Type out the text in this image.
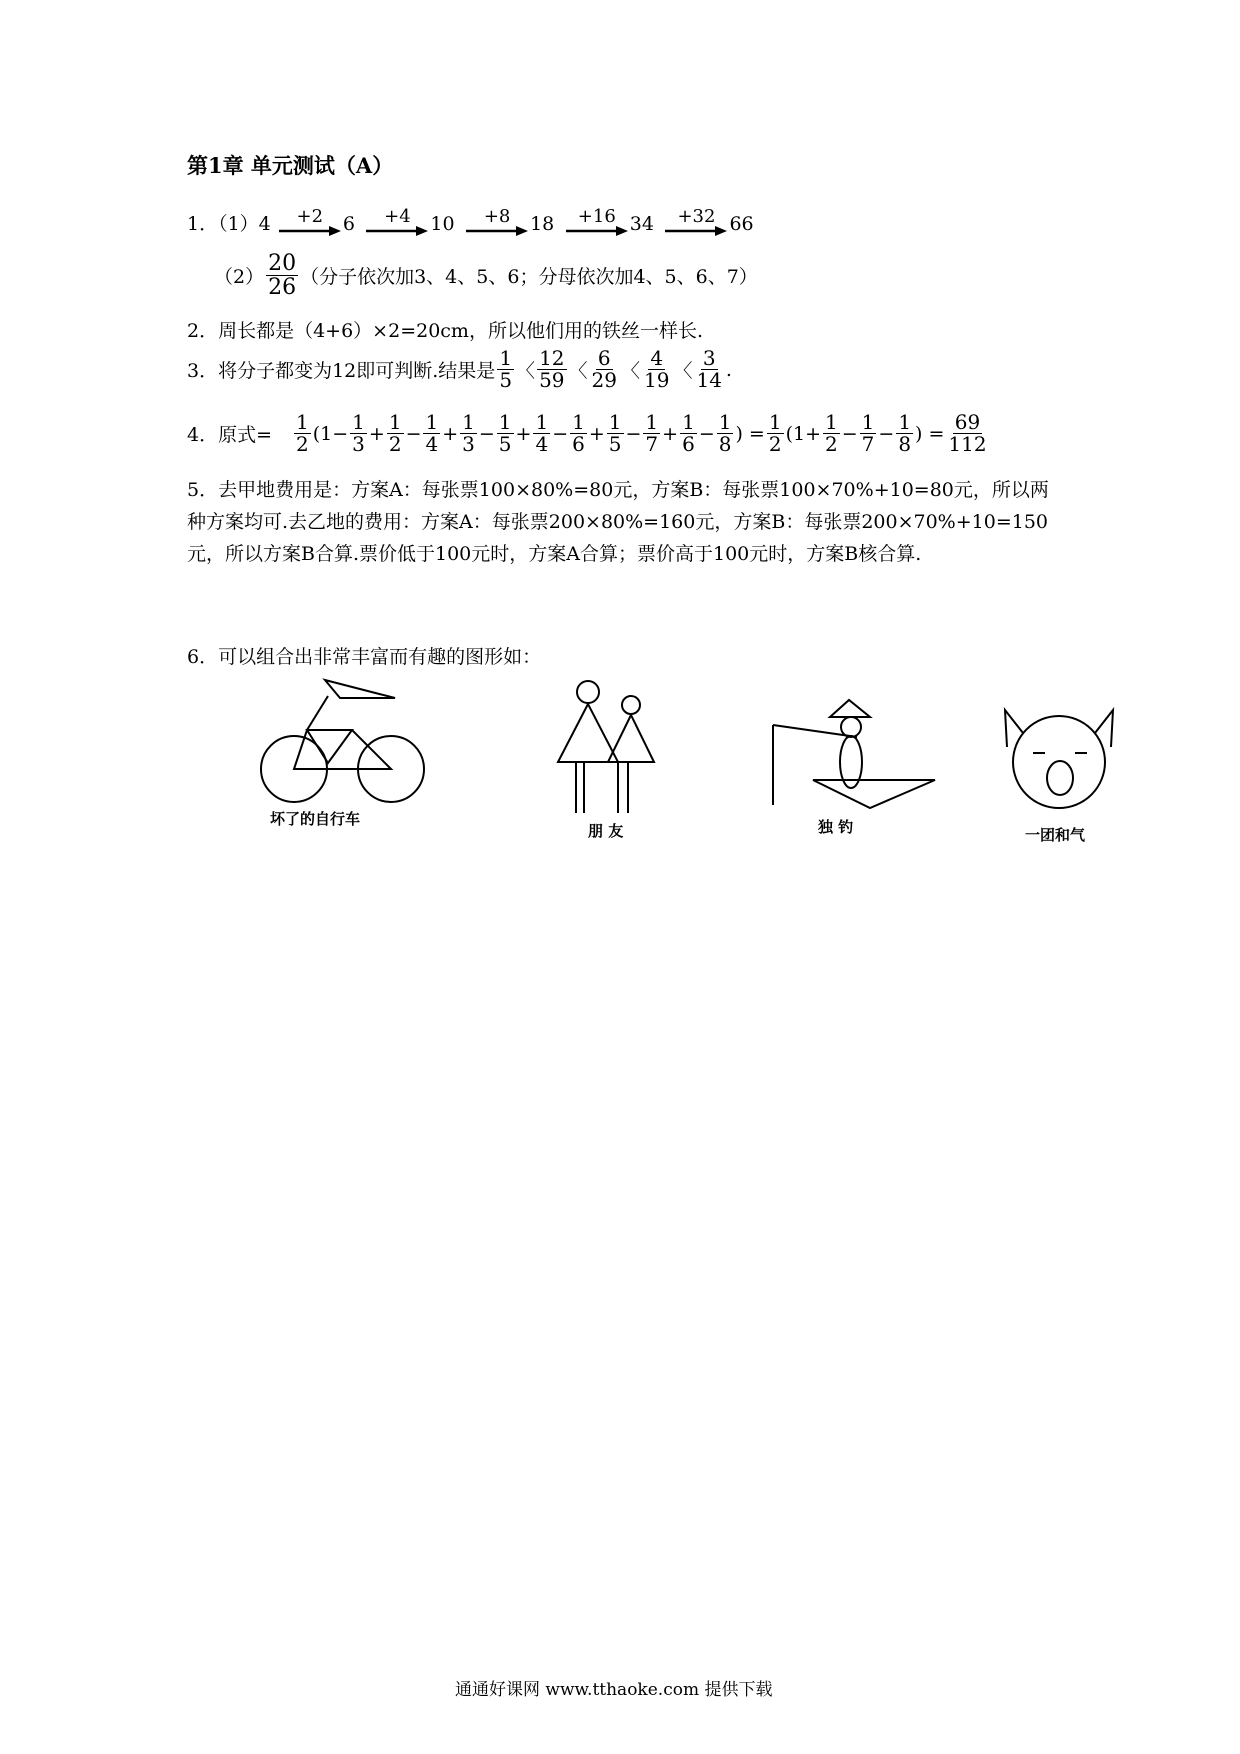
第1章 单元测试（A）
1．（1）4 +2 6  +4 10  +8 18  +16 34  +32 66
$(2) \frac{20}{26}$ （分子依次加3、4、5、6；分母依次加4、5、6、7）
2．周长都是（4+6）×2=20cm，所以他们用的铁丝一样长.
3．将分子都变为12即可判断.结果是 $\frac{1}{5}$ 〈 $\frac{12}{59}$ 〈 $\frac{6}{29}$ 〈 $\frac{4}{19}$ 〈 $\frac{3}{14}$ .
4．原式= $\frac{1}{2} (1- \frac{1}{3} + \frac{1}{2} - \frac{1}{4} + \frac{1}{3} - \frac{1}{5} + \frac{1}{4} - \frac{1}{6} + \frac{1}{5} - \frac{1}{7} + \frac{1}{6} - \frac{1}{8}$ ) = $\frac{1}{2} (1+ \frac{1}{2} - \frac{1}{7} - \frac{1}{8}$ ) = $\frac{69}{112}$
5．去甲地费用是：方案A：每张票100×80%=80元，方案B：每张票100×70%+10=80元，所以两种方案均可.去乙地的费用：方案A：每张票200×80%=160元，方案B：每张票200×70%+10=150元，所以方案B合算.票价低于100元时，方案A合算；票价高于100元时，方案B核合算.
6．可以组合出非常丰富而有趣的图形如：
坏了的自行车
朋 友	独 钓	一团和气
通通好课网 www.tthaoke.com 提供下载
